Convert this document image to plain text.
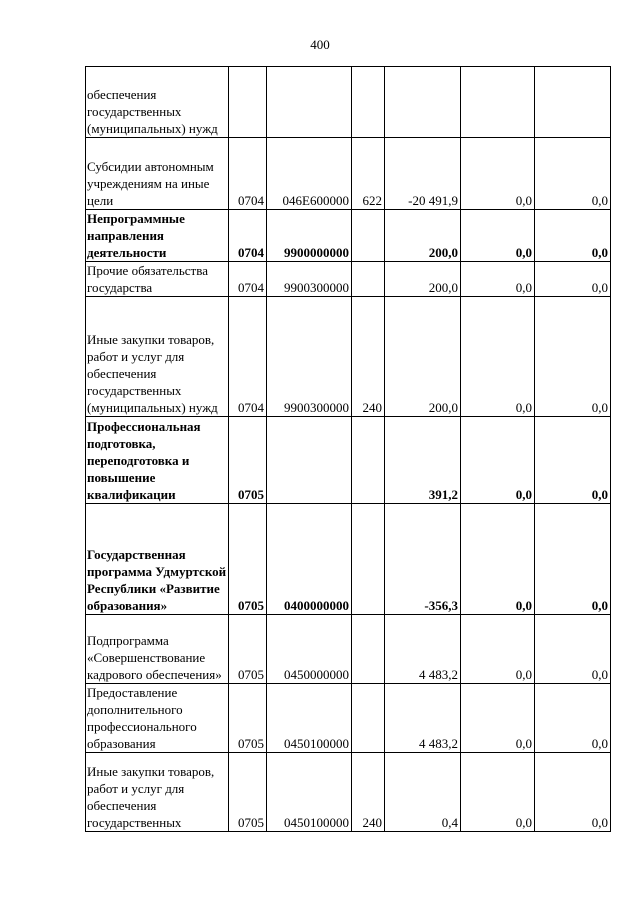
400
обеспечения государственных (муниципальных) нужд						
Субсидии автономным учреждениям на иные цели	0704	046E600000	622	-20 491,9	0,0	0,0
Непрограммные направления деятельности	0704	9900000000		200,0	0,0	0,0
Прочие обязательства государства	0704	9900300000		200,0	0,0	0,0
Иные закупки товаров, работ и услуг для обеспечения государственных (муниципальных) нужд	0704	9900300000	240	200,0	0,0	0,0
Профессиональная подготовка, переподготовка и повышение квалификации	0705			391,2	0,0	0,0
Государственная программа Удмуртской Республики «Развитие образования»	0705	0400000000		-356,3	0,0	0,0
Подпрограмма «Совершенствование кадрового обеспечения»	0705	0450000000		4 483,2	0,0	0,0
Предоставление дополнительного профессионального образования	0705	0450100000		4 483,2	0,0	0,0
Иные закупки товаров, работ и услуг для обеспечения государственных	0705	0450100000	240	0,4	0,0	0,0
